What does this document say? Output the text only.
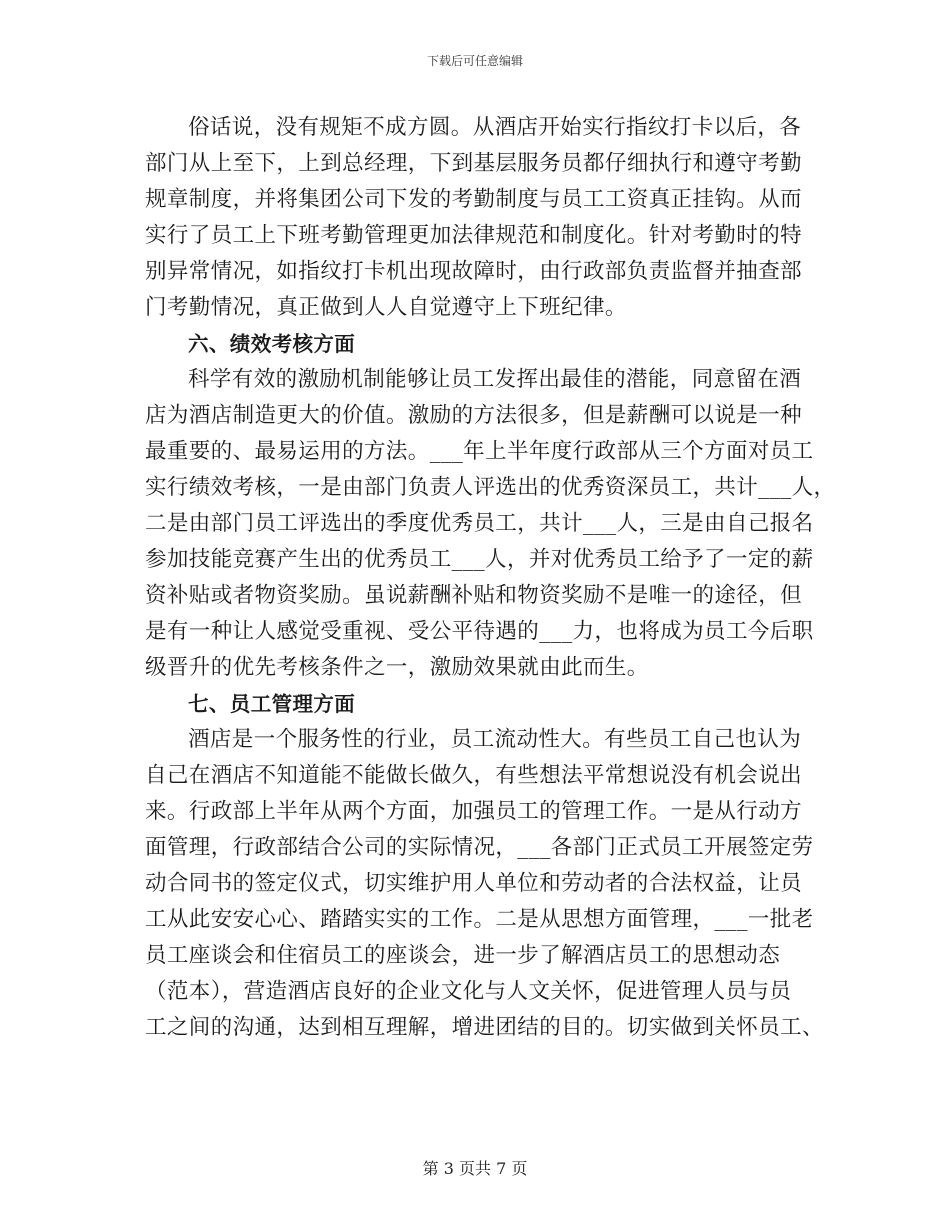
下载后可任意编辑
俗话说，没有规矩不成方圆。从酒店开始实行指纹打卡以后，各
部门从上至下，上到总经理，下到基层服务员都仔细执行和遵守考勤
规章制度，并将集团公司下发的考勤制度与员工工资真正挂钩。从而
实行了员工上下班考勤管理更加法律规范和制度化。针对考勤时的特
别异常情况，如指纹打卡机出现故障时，由行政部负责监督并抽查部
门考勤情况，真正做到人人自觉遵守上下班纪律。
六、绩效考核方面
科学有效的激励机制能够让员工发挥出最佳的潜能，同意留在酒
店为酒店制造更大的价值。激励的方法很多，但是薪酬可以说是一种
最重要的、最易运用的方法。___年上半年度行政部从三个方面对员工
实行绩效考核，一是由部门负责人评选出的优秀资深员工，共计___人，
二是由部门员工评选出的季度优秀员工，共计___人，三是由自己报名
参加技能竞赛产生出的优秀员工___人，并对优秀员工给予了一定的薪
资补贴或者物资奖励。虽说薪酬补贴和物资奖励不是唯一的途径，但
是有一种让人感觉受重视、受公平待遇的___力，也将成为员工今后职
级晋升的优先考核条件之一，激励效果就由此而生。
七、员工管理方面
酒店是一个服务性的行业，员工流动性大。有些员工自己也认为
自己在酒店不知道能不能做长做久，有些想法平常想说没有机会说出
来。行政部上半年从两个方面，加强员工的管理工作。一是从行动方
面管理，行政部结合公司的实际情况，___各部门正式员工开展签定劳
动合同书的签定仪式，切实维护用人单位和劳动者的合法权益，让员
工从此安安心心、踏踏实实的工作。二是从思想方面管理，___一批老
员工座谈会和住宿员工的座谈会，进一步了解酒店员工的思想动态
（范本），营造酒店良好的企业文化与人文关怀，促进管理人员与员
工之间的沟通，达到相互理解，增进团结的目的。切实做到关怀员工、
第 3 页共 7 页
